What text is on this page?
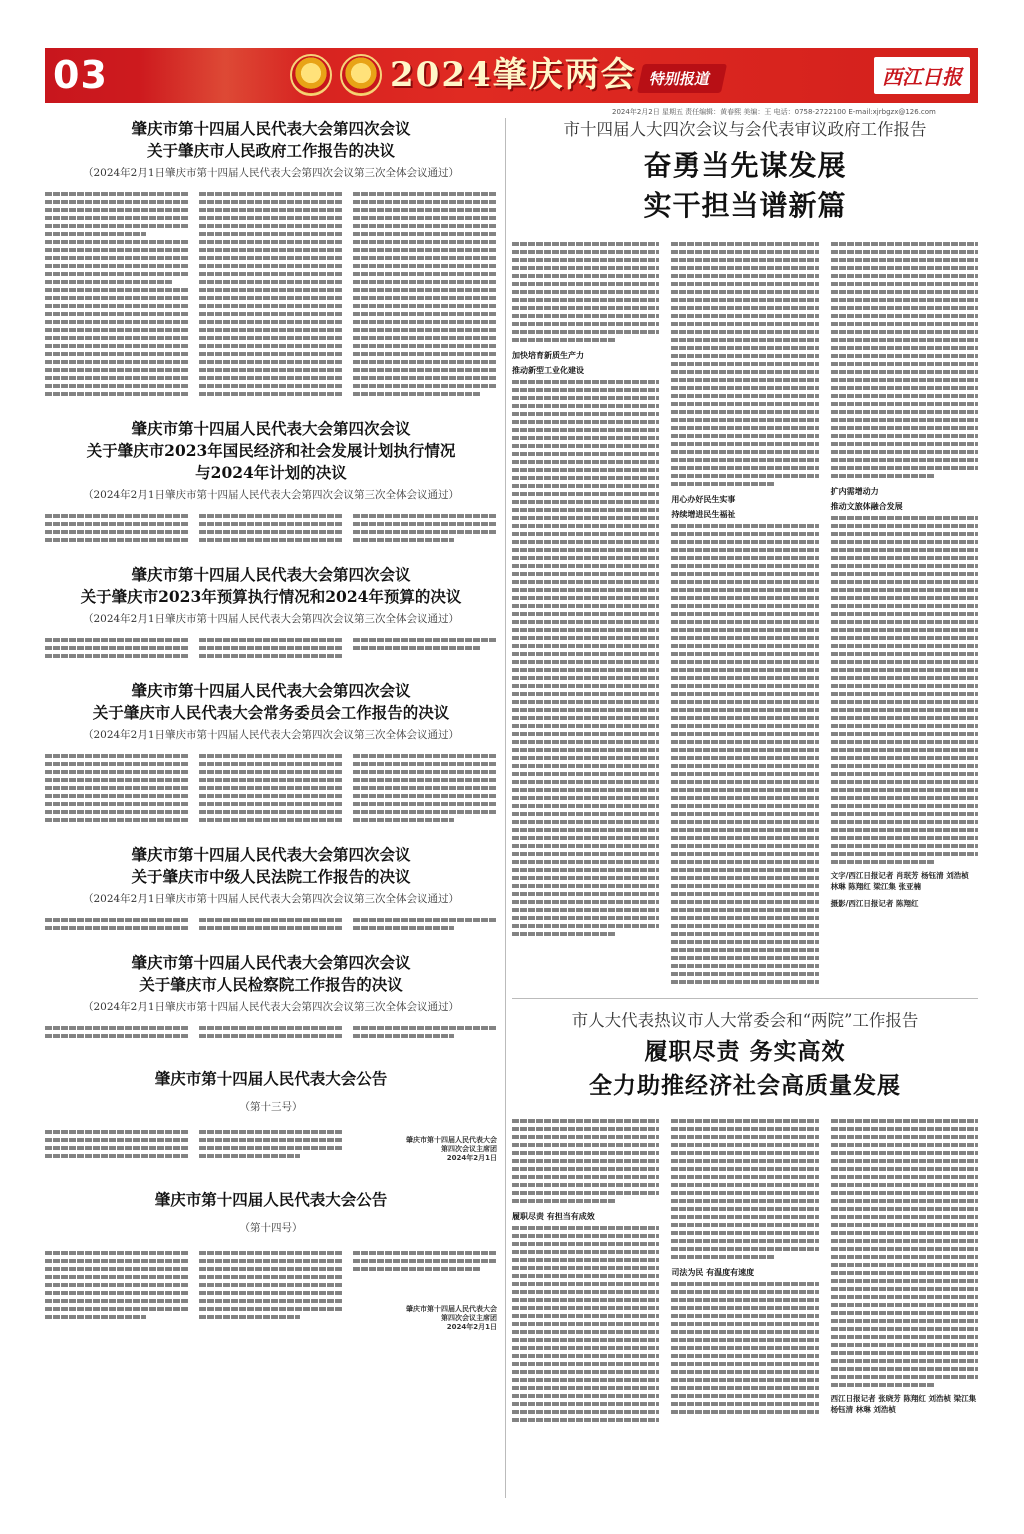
03	2024肇庆两会 特别报道	西江日报
2024年2月2日 星期五 责任编辑：黄春熙 美编：王 电话：0758-2722100 E-mail:xjrbgzx@126.com
肇庆市第十四届人民代表大会第四次会议
关于肇庆市人民政府工作报告的决议
（2024年2月1日肇庆市第十四届人民代表大会第四次会议第三次全体会议通过）
肇庆市第十四届人民代表大会第四次会议
关于肇庆市2023年国民经济和社会发展计划执行情况
与2024年计划的决议
（2024年2月1日肇庆市第十四届人民代表大会第四次会议第三次全体会议通过）
肇庆市第十四届人民代表大会第四次会议
关于肇庆市2023年预算执行情况和2024年预算的决议
（2024年2月1日肇庆市第十四届人民代表大会第四次会议第三次全体会议通过）
肇庆市第十四届人民代表大会第四次会议
关于肇庆市人民代表大会常务委员会工作报告的决议
（2024年2月1日肇庆市第十四届人民代表大会第四次会议第三次全体会议通过）
肇庆市第十四届人民代表大会第四次会议
关于肇庆市中级人民法院工作报告的决议
（2024年2月1日肇庆市第十四届人民代表大会第四次会议第三次全体会议通过）
肇庆市第十四届人民代表大会第四次会议
关于肇庆市人民检察院工作报告的决议
（2024年2月1日肇庆市第十四届人民代表大会第四次会议第三次全体会议通过）
肇庆市第十四届人民代表大会公告
（第十三号）
肇庆市第十四届人民代表大会
第四次会议主席团
2024年2月1日
肇庆市第十四届人民代表大会公告
（第十四号）
肇庆市第十四届人民代表大会
第四次会议主席团
2024年2月1日
市十四届人大四次会议与会代表审议政府工作报告
奋勇当先谋发展
实干担当谱新篇
加快培育新质生产力
推动新型工业化建设
用心办好民生实事
持续增进民生福祉
扩内需增动力
推动文旅体融合发展
文字/西江日报记者 肖珉芳 杨钰清 刘浩桢 林琳 陈翔红 梁江集 张亚楠
摄影/西江日报记者 陈翔红
市人大代表热议市人大常委会和“两院”工作报告
履职尽责 务实高效
全力助推经济社会高质量发展
履职尽责 有担当有成效
司法为民 有温度有速度
西江日报记者 张晓芳 陈翔红 刘浩桢 梁江集 杨钰清 林琳 刘浩桢
